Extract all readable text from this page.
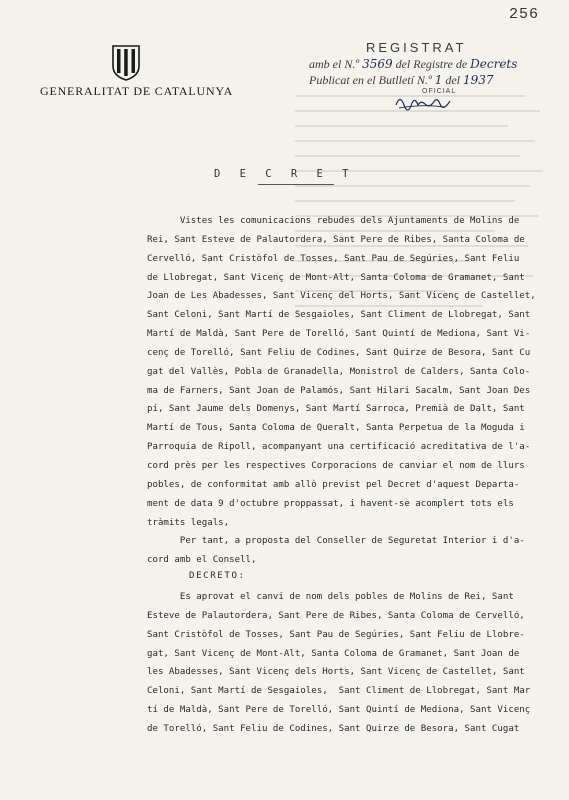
256
GENERALITAT DE CATALUNYA
REGISTRAT
amb el N.º 3569 del Registre de Decrets
Publicat en el Butlletí N.º 1 del 1937
OFICIAL
D E C R E T
Vistes les comunicacions rebudes dels Ajuntaments de Molins de
Rei, Sant Esteve de Palautordera, Sant Pere de Ribes, Santa Coloma de
Cervelló, Sant Cristòfol de Tosses, Sant Pau de Segúries, Sant Feliu
de Llobregat, Sant Vicenç de Mont-Alt, Santa Coloma de Gramanet, Sant
Joan de Les Abadesses, Sant Vicenç del Horts, Sant Vicenç de Castellet,
Sant Celoni, Sant Martí de Sesgaioles, Sant Climent de Llobregat, Sant
Martí de Maldà, Sant Pere de Torelló, Sant Quintí de Mediona, Sant Vi-
cenç de Torelló, Sant Feliu de Codines, Sant Quirze de Besora, Sant Cu
gat del Vallès, Pobla de Granadella, Monistrol de Calders, Santa Colo-
ma de Farners, Sant Joan de Palamós, Sant Hilari Sacalm, Sant Joan Des
pí, Sant Jaume dels Domenys, Sant Martí Sarroca, Premià de Dalt, Sant
Martí de Tous, Santa Coloma de Queralt, Santa Perpetua de la Moguda i
Parroquia de Ripoll, acompanyant una certificació acreditativa de l'a-
cord près per les respectives Corporacions de canviar el nom de llurs
pobles, de conformitat amb allò previst pel Decret d'aquest Departa-
ment de data 9 d'octubre proppassat, i havent-se acomplert tots els
tràmits legals,
Per tant, a proposta del Conseller de Seguretat Interior i d'a-
cord amb el Consell,
DECRETO:
Es aprovat el canvi de nom dels pobles de Molins de Rei, Sant
Esteve de Palautordera, Sant Pere de Ribes, Santa Coloma de Cervelló,
Sant Cristòfol de Tosses, Sant Pau de Segúries, Sant Feliu de Llobre-
gat, Sant Vicenç de Mont-Alt, Santa Coloma de Gramanet, Sant Joan de
les Abadesses, Sant Vicenç dels Horts, Sant Vicenç de Castellet, Sant
Celoni, Sant Martí de Sesgaioles,  Sant Climent de Llobregat, Sant Mar
tí de Maldà, Sant Pere de Torelló, Sant Quintí de Mediona, Sant Vicenç
de Torelló, Sant Feliu de Codines, Sant Quirze de Besora, Sant Cugat
